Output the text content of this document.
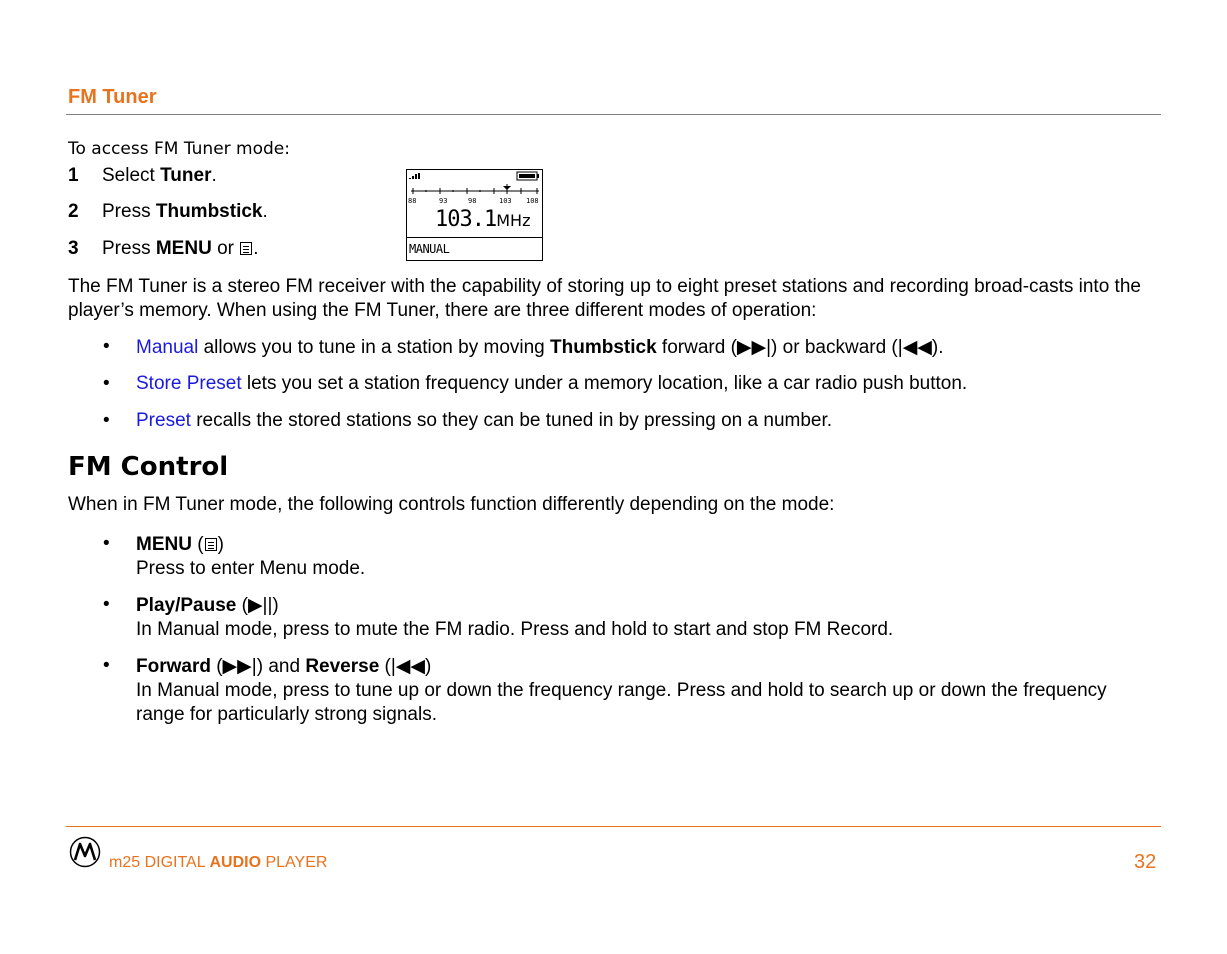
FM Tuner
To access FM Tuner mode:
1 Select Tuner.
2 Press Thumbstick.
3 Press MENU or .
88	93	98	103 108
103.1MHz
MANUAL
The FM Tuner is a stereo FM receiver with the capability of storing up to eight preset stations and recording broad-casts into the player’s memory. When using the FM Tuner, there are three different modes of operation:
• Manual allows you to tune in a station by moving Thumbstick forward (▶▶|) or backward (|◀◀).
• Store Preset lets you set a station frequency under a memory location, like a car radio push button.
• Preset recalls the stored stations so they can be tuned in by pressing on a number.
FM Control
When in FM Tuner mode, the following controls function differently depending on the mode:
• MENU ( )
Press to enter Menu mode.
• Play/Pause (▶||)
In Manual mode, press to mute the FM radio. Press and hold to start and stop FM Record.
• Forward (▶▶|) and Reverse (|◀◀)
In Manual mode, press to tune up or down the frequency range. Press and hold to search up or down the frequency range for particularly strong signals.
m25 DIGITAL AUDIO PLAYER	32
